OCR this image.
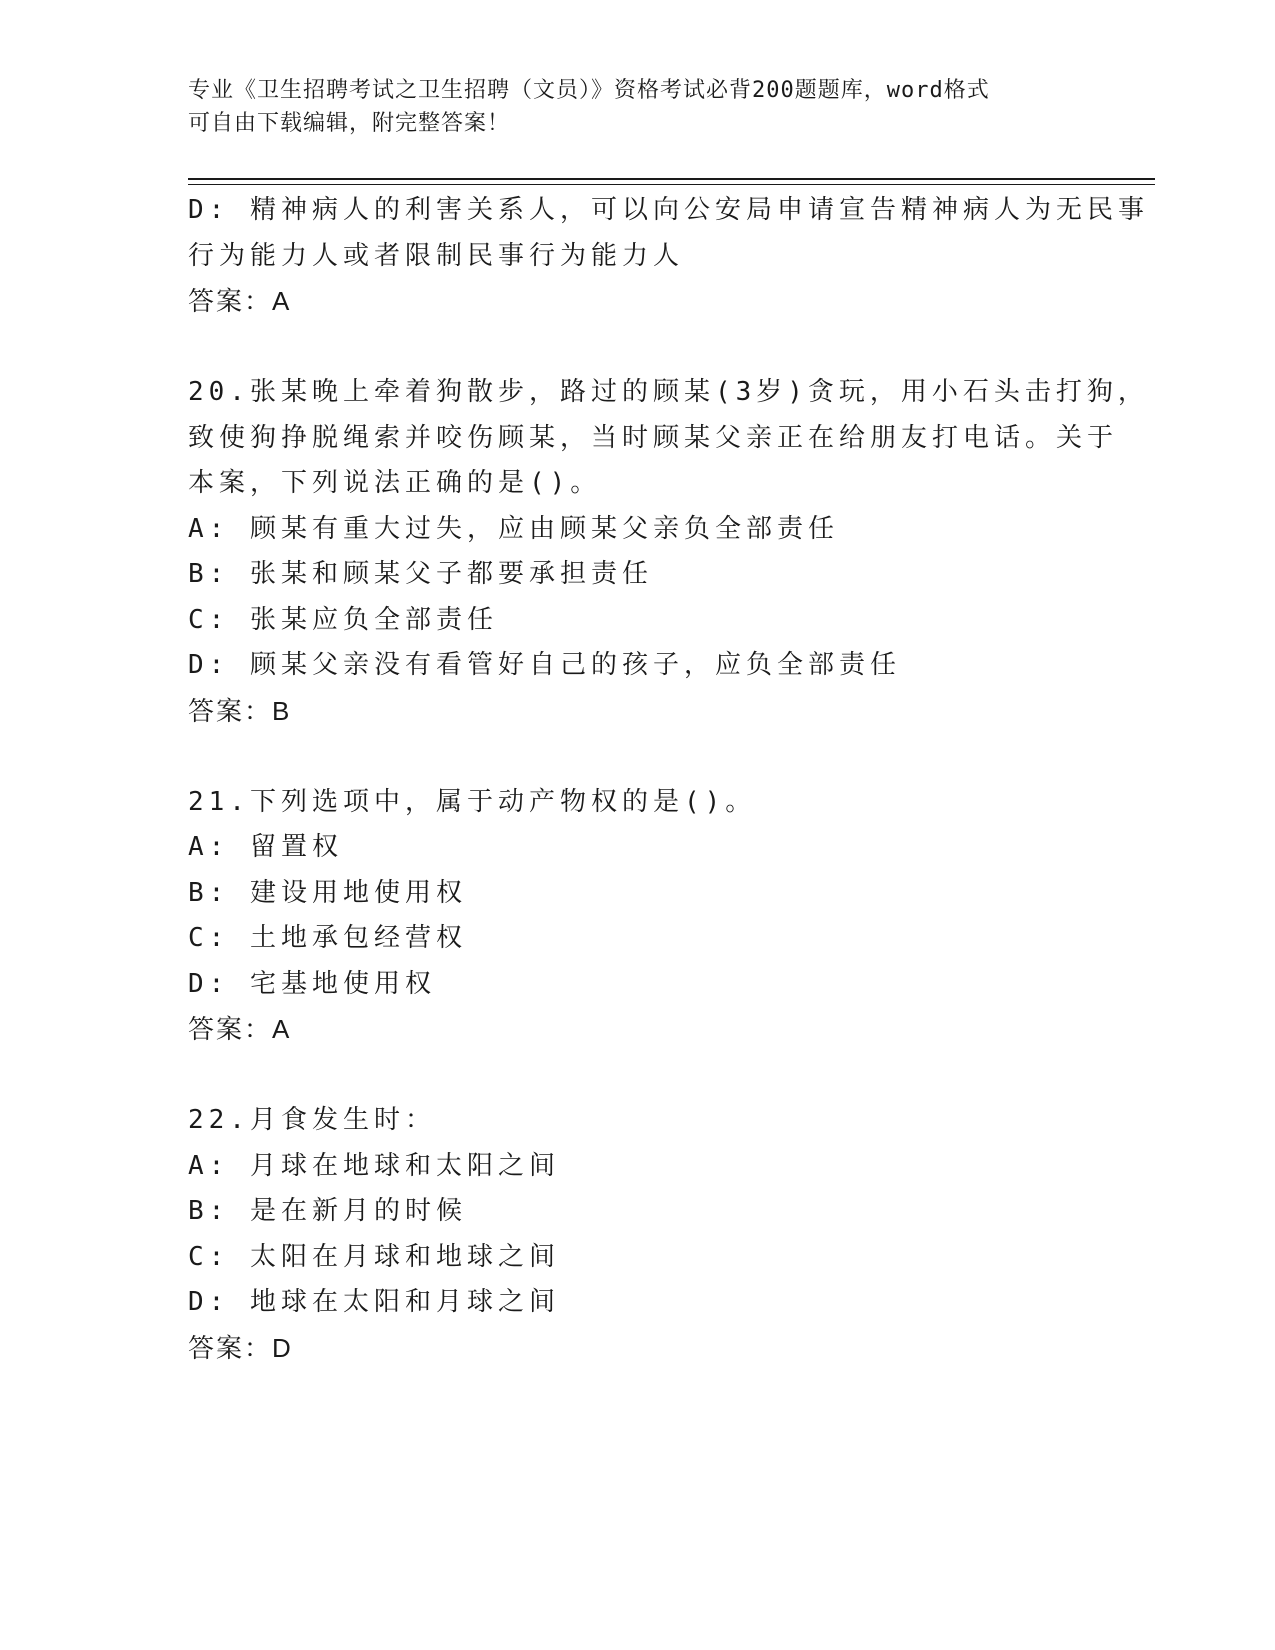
专业《卫生招聘考试之卫生招聘（文员）》资格考试必背200题题库，word格式
可自由下载编辑，附完整答案！
D: 精神病人的利害关系人，可以向公安局申请宣告精神病人为无民事
行为能力人或者限制民事行为能力人
答案：A
20.张某晚上牵着狗散步，路过的顾某(3岁)贪玩，用小石头击打狗，
致使狗挣脱绳索并咬伤顾某，当时顾某父亲正在给朋友打电话。关于
本案，下列说法正确的是()。
A: 顾某有重大过失，应由顾某父亲负全部责任
B: 张某和顾某父子都要承担责任
C: 张某应负全部责任
D: 顾某父亲没有看管好自己的孩子，应负全部责任
答案：B
21.下列选项中，属于动产物权的是()。
A: 留置权
B: 建设用地使用权
C: 土地承包经营权
D: 宅基地使用权
答案：A
22.月食发生时：
A: 月球在地球和太阳之间
B: 是在新月的时候
C: 太阳在月球和地球之间
D: 地球在太阳和月球之间
答案：D
